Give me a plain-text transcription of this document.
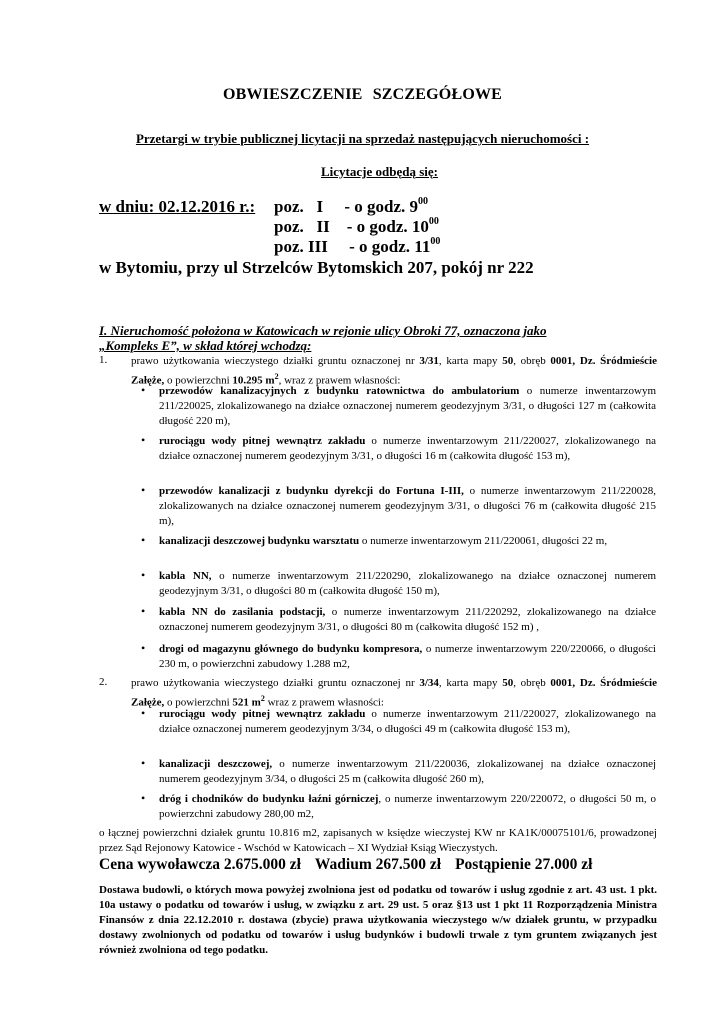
OBWIESZCZENIE SZCZEGÓŁOWE
Przetargi w trybie publicznej licytacji na sprzedaż następujących nieruchomości :
Licytacje odbędą się:
w dniu: 02.12.2016 r.: poz.   I - o godz. $9^{00}$
poz.   II - o godz. $10^{00}$
poz. III - o godz. $11^{00}$
w Bytomiu, przy ul Strzelców Bytomskich 207, pokój nr 222
I. Nieruchomość położona w Katowicach w rejonie ulicy Obroki 77, oznaczona jako
„Kompleks E”, w skład której wchodzą:
1. prawo użytkowania wieczystego działki gruntu oznaczonej nr 3/31, karta mapy 50, obręb 0001, Dz. Śródmieście Załęże, o powierzchni 10.295 $m^2$, wraz z prawem własności:
• przewodów kanalizacyjnych z budynku ratownictwa do ambulatorium o numerze inwentarzowym 211/220025, zlokalizowanego na działce oznaczonej numerem geodezyjnym 3/31, o długości 127 m (całkowita długość 220 m),
• rurociągu wody pitnej wewnątrz zakładu o numerze inwentarzowym 211/220027, zlokalizowanego na działce oznaczonej numerem geodezyjnym 3/31, o długości 16 m (całkowita długość 153 m),
• przewodów kanalizacji z budynku dyrekcji do Fortuna I-III, o numerze inwentarzowym 211/220028, zlokalizowanych na działce oznaczonej numerem geodezyjnym 3/31, o długości 76 m (całkowita długość 215 m),
• kanalizacji deszczowej budynku warsztatu o numerze inwentarzowym 211/220061, długości 22 m,
• kabla NN, o numerze inwentarzowym 211/220290, zlokalizowanego na działce oznaczonej numerem geodezyjnym 3/31, o długości 80 m (całkowita długość 150 m),
• kabla NN do zasilania podstacji, o numerze inwentarzowym 211/220292, zlokalizowanego na działce oznaczonej numerem geodezyjnym 3/31, o długości 80 m (całkowita długość 152 m) ,
• drogi od magazynu głównego do budynku kompresora, o numerze inwentarzowym 220/220066, o długości 230 m, o powierzchni zabudowy 1.288 m2,
2. prawo użytkowania wieczystego działki gruntu oznaczonej nr 3/34, karta mapy 50, obręb 0001, Dz. Śródmieście Załęże, o powierzchni 521 $m^2$ wraz z prawem własności:
• rurociągu wody pitnej wewnątrz zakładu o numerze inwentarzowym 211/220027, zlokalizowanego na działce oznaczonej numerem geodezyjnym 3/34, o długości 49 m (całkowita długość 153 m),
• kanalizacji deszczowej, o numerze inwentarzowym 211/220036, zlokalizowanej na działce oznaczonej numerem geodezyjnym 3/34, o długości 25 m (całkowita długość 260 m),
• dróg i chodników do budynku łaźni górniczej, o numerze inwentarzowym 220/220072, o długości 50 m, o powierzchni zabudowy 280,00 m2,
o łącznej powierzchni działek gruntu 10.816 m2, zapisanych w księdze wieczystej KW nr KA1K/00075101/6, prowadzonej przez Sąd Rejonowy Katowice - Wschód w Katowicach – XI Wydział Ksiąg Wieczystych.
Cena wywoławcza 2.675.000 zł Wadium 267.500 zł Postąpienie 27.000 zł
Dostawa budowli, o których mowa powyżej zwolniona jest od podatku od towarów i usług zgodnie z art. 43 ust. 1 pkt. 10a ustawy o podatku od towarów i usług, w związku z art. 29 ust. 5 oraz §13 ust 1 pkt 11 Rozporządzenia Ministra Finansów z dnia 22.12.2010 r. dostawa (zbycie) prawa użytkowania wieczystego w/w działek gruntu, w przypadku dostawy zwolnionych od podatku od towarów i usług budynków i budowli trwale z tym gruntem związanych jest również zwolniona od tego podatku.
